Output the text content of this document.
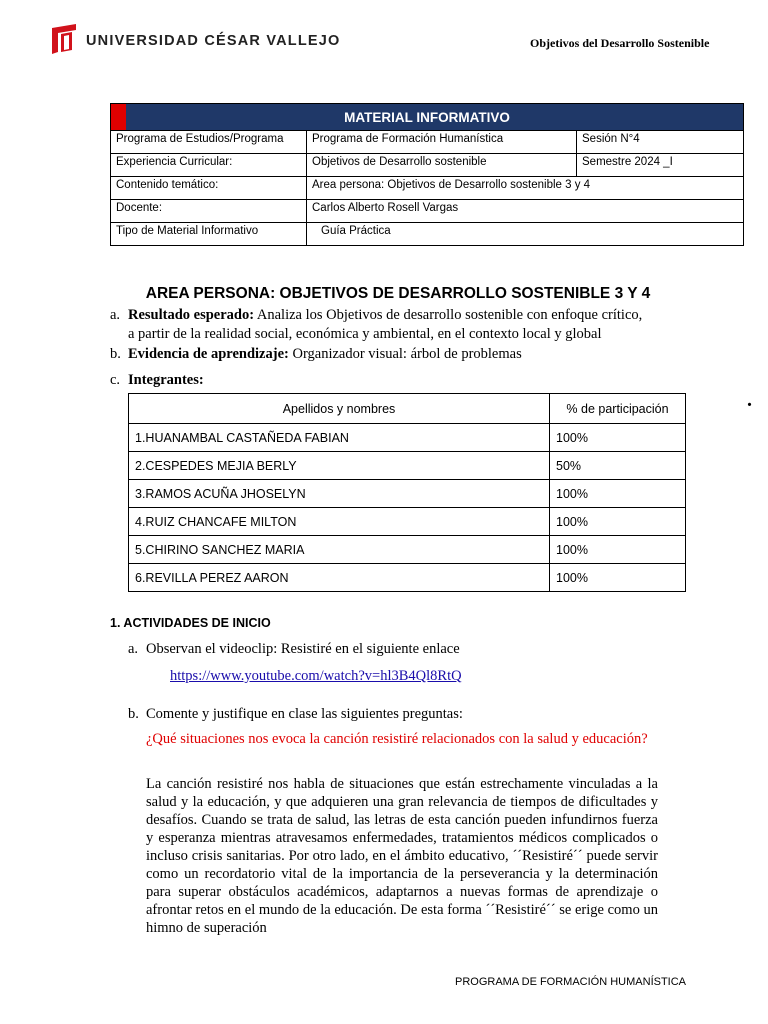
UNIVERSIDAD CÉSAR VALLEJO	Objetivos del Desarrollo Sostenible
MATERIAL INFORMATIVO		
Programa de Estudios/Programa	Programa de Formación Humanística	Sesión N°4
Experiencia Curricular:	Objetivos de Desarrollo sostenible	Semestre 2024 _I
Contenido temático:	Area persona: Objetivos de Desarrollo sostenible 3 y 4	
Docente:	Carlos Alberto Rosell Vargas	
Tipo de Material Informativo	Guía Práctica	
AREA PERSONA: OBJETIVOS DE DESARROLLO SOSTENIBLE 3 Y 4
a. Resultado esperado: Analiza los Objetivos de desarrollo sostenible con enfoque crítico,
a partir de la realidad social, económica y ambiental, en el contexto local y global
b. Evidencia de aprendizaje: Organizador visual: árbol de problemas
c. Integrantes:
.
Apellidos y nombres	% de participación
1.HUANAMBAL CASTAÑEDA FABIAN	100%
2.CESPEDES MEJIA BERLY	50%
3.RAMOS ACUÑA JHOSELYN	100%
4.RUIZ CHANCAFE MILTON	100%
5.CHIRINO SANCHEZ MARIA	100%
6.REVILLA PEREZ AARON	100%
1. ACTIVIDADES DE INICIO
a. Observan el videoclip: Resistiré en el siguiente enlace
https://www.youtube.com/watch?v=hl3B4Ql8RtQ
b. Comente y justifique en clase las siguientes preguntas:
¿Qué situaciones nos evoca la canción resistiré relacionados con la salud y educación?
La canción resistiré nos habla de situaciones que están estrechamente vinculadas a la salud y la educación, y que adquieren una gran relevancia de tiempos de dificultades y desafíos. Cuando se trata de salud, las letras de esta canción pueden infundirnos fuerza y esperanza mientras atravesamos enfermedades, tratamientos médicos complicados o incluso crisis sanitarias. Por otro lado, en el ámbito educativo, ´´Resistiré´´ puede servir como un recordatorio vital de la importancia de la perseverancia y la determinación para superar obstáculos académicos, adaptarnos a nuevas formas de aprendizaje o afrontar retos en el mundo de la educación. De esta forma ´´Resistiré´´ se erige como un himno de superación
PROGRAMA DE FORMACIÓN HUMANÍSTICA
